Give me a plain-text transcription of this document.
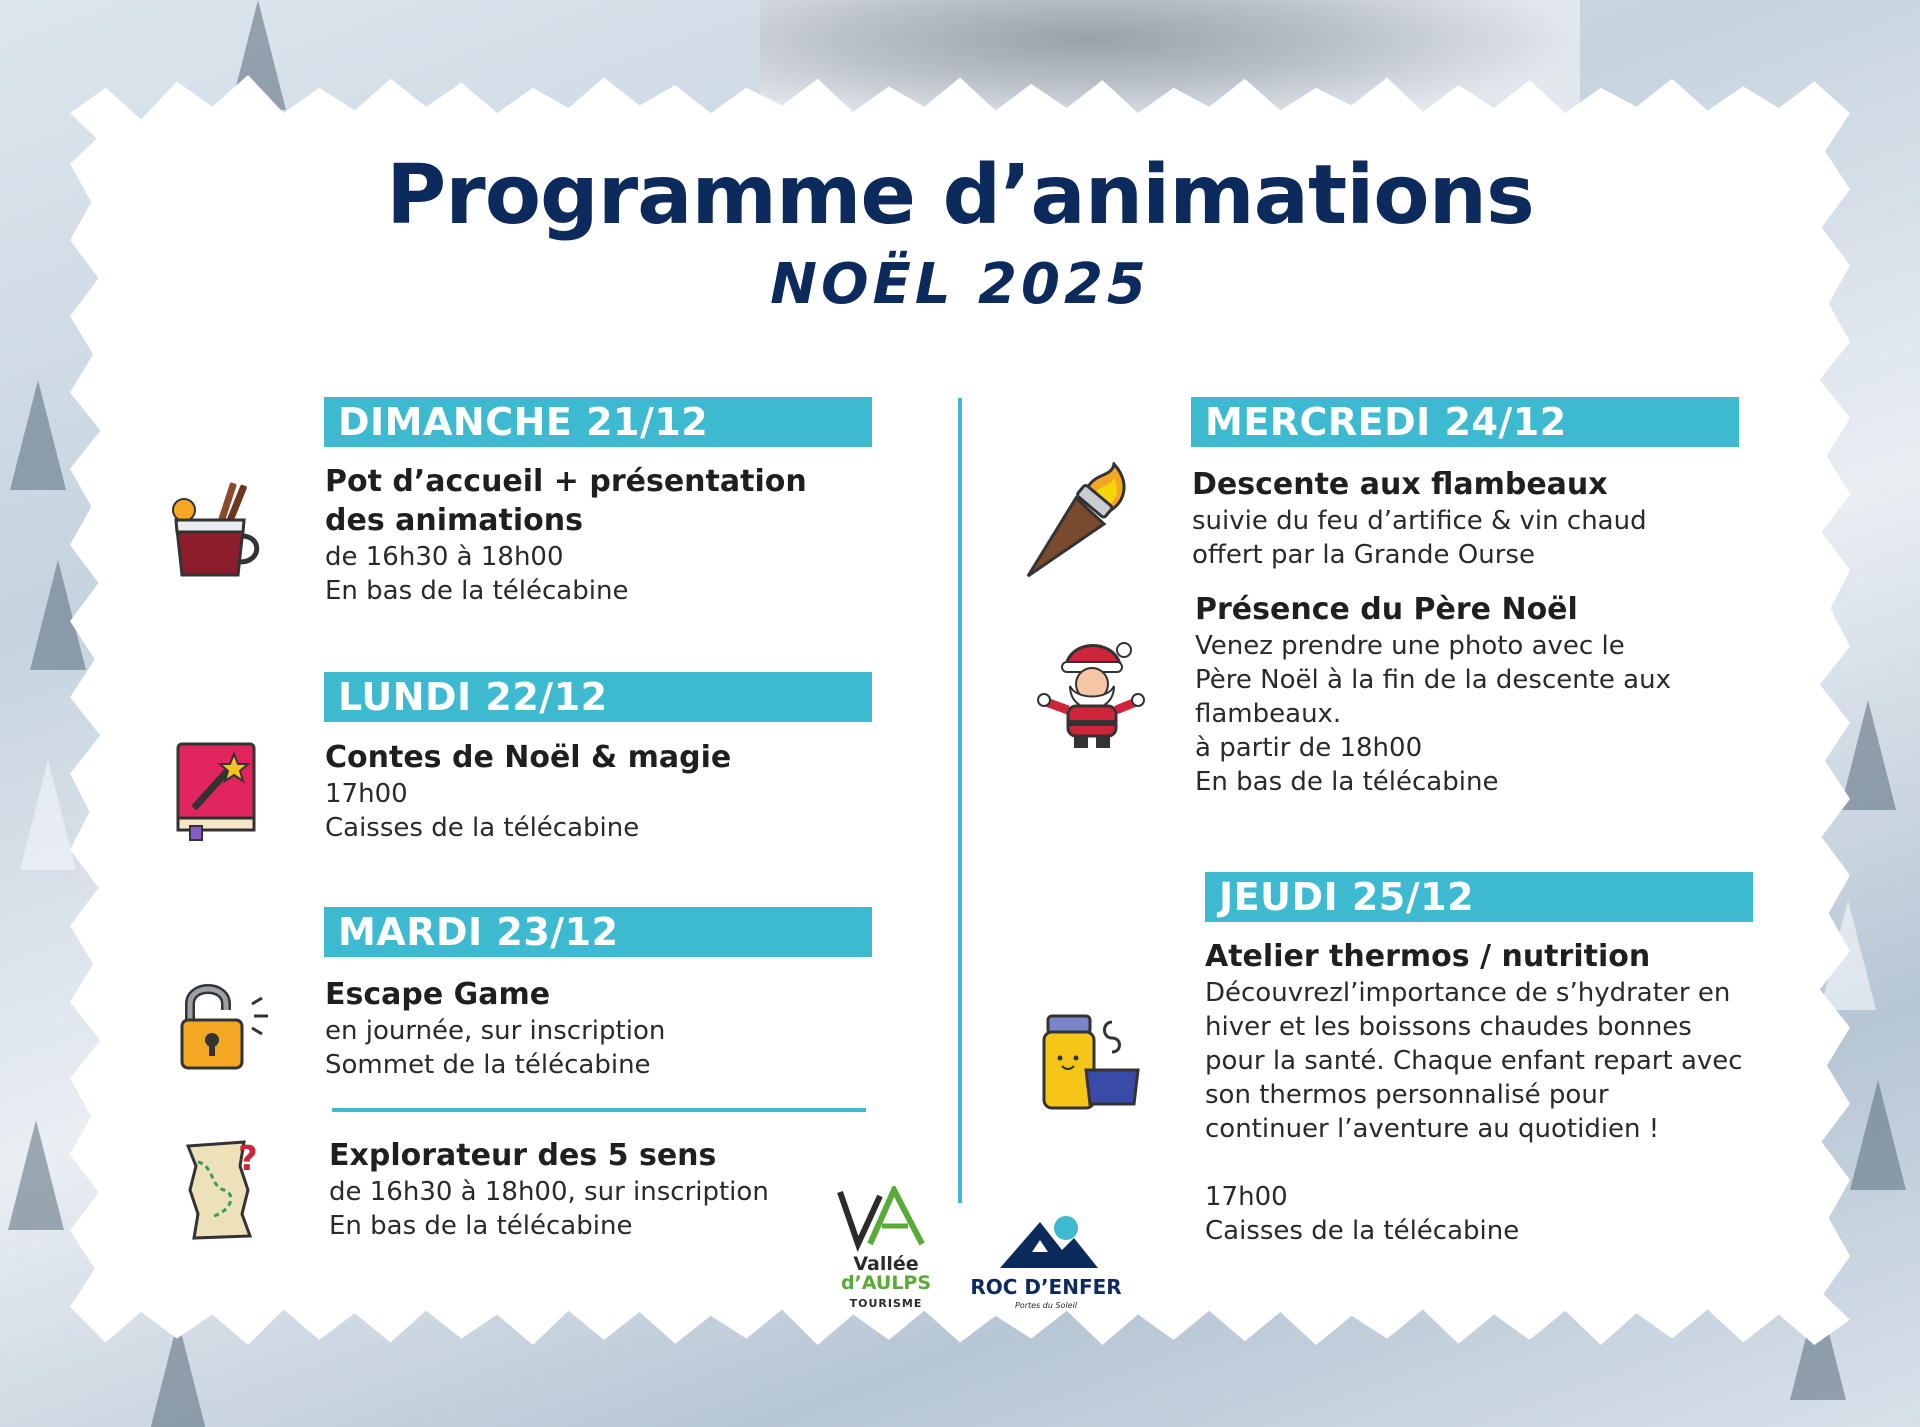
Programme d’animations
NOËL 2025
DIMANCHE 21/12
Pot d’accueil + présentation
des animations
de 16h30 à 18h00
En bas de la télécabine
LUNDI 22/12
Contes de Noël & magie
17h00
Caisses de la télécabine
MARDI 23/12
Escape Game
en journée, sur inscription
Sommet de la télécabine
? Explorateur des 5 sens
de 16h30 à 18h00, sur inscription
En bas de la télécabine
MERCREDI 24/12
Descente aux flambeaux
suivie du feu d’artifice & vin chaud
offert par la Grande Ourse
Présence du Père Noël
Venez prendre une photo avec le
Père Noël à la fin de la descente aux
flambeaux.
à partir de 18h00
En bas de la télécabine
JEUDI 25/12
Atelier thermos / nutrition
Découvrezl’importance de s’hydrater en
hiver et les boissons chaudes bonnes
pour la santé. Chaque enfant repart avec
son thermos personnalisé pour
continuer l’aventure au quotidien !
17h00
Caisses de la télécabine
Vallée
d’AULPS
TOURISME
ROC D’ENFER
Portes du Soleil
